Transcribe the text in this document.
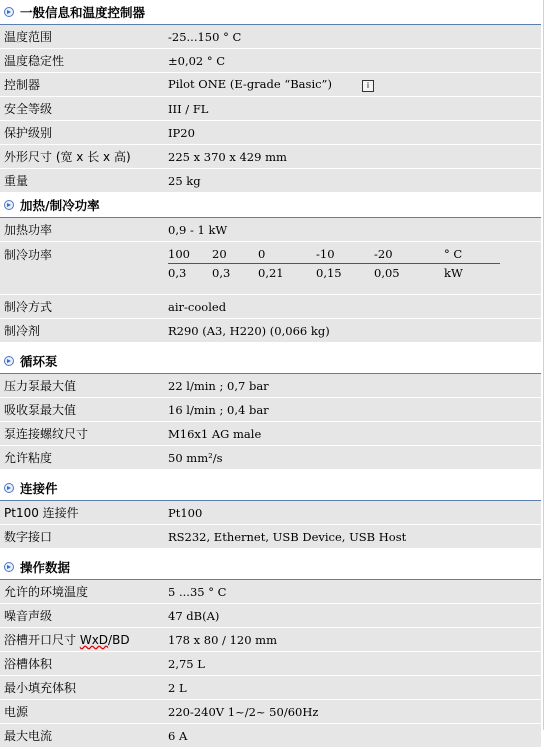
一般信息和温度控制器
温度范围	-25...150 ° C
温度稳定性	±0,02 ° C
控制器	Pilot ONE (E-grade “Basic”)	i
安全等级	III / FL
保护级别	IP20
外形尺寸 (宽 x 长 x 高)	225 x 370 x 429 mm
重量	25 kg
加热/制冷功率
加热功率	0,9 - 1 kW
制冷功率	100	20	0	-10	-20	° C
0,3	0,3	0,21	0,15	0,05	kW
制冷方式	air-cooled
制冷剂	R290 (A3, H220) (0,066 kg)
循环泵
压力泵最大值	22 l/min ; 0,7 bar
吸收泵最大值	16 l/min ; 0,4 bar
泵连接螺纹尺寸	M16x1 AG male
允许粘度	50 mm²/s
连接件
Pt100 连接件	Pt100
数字接口	RS232, Ethernet, USB Device, USB Host
操作数据
允许的环境温度	5 ...35 ° C
噪音声级	47 dB(A)
浴槽开口尺寸 WxD/BD	178 x 80 / 120 mm
浴槽体积	2,75 L
最小填充体积	2 L
电源	220-240V 1~/2~ 50/60Hz
最大电流	6 A
